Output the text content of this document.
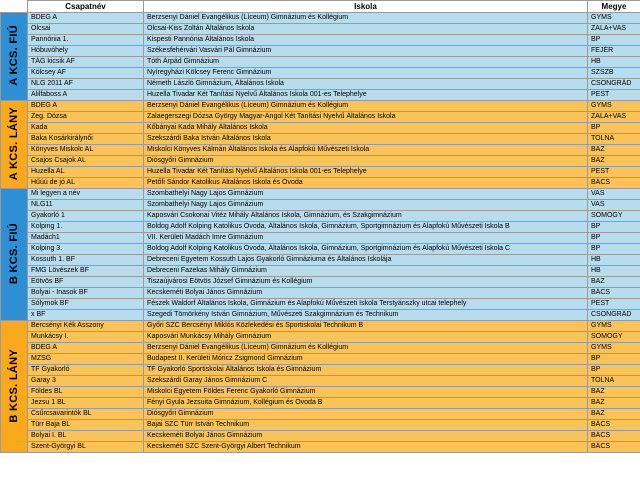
	Csapatnév	Iskola	Megye
A KCS. FIÚ	BDEG A	Berzsenyi Dániel Evangélikus (Líceum) Gimnázium és Kollégium	GYMS
	Olcsai	Olcsai-Kiss Zoltán Általános Iskola	ZALA+VAS
	Pannónia 1.	Kispesti Pannónia Általános Iskola	BP
	Hóbuvóhely	Székesfehérvári Vasvári Pál Gimnázium	FEJÉR
	TÁG kicsik AF	Tóth Árpád Gimnázium	HB
	Kölcsey AF	Nyíregyházi Kölcsey Ferenc Gimnázium	SZSZB
	NLG 2011 AF	Németh László Gimnázium, Általános Iskola	CSONGRÁD
	Alilfaboss A	Huzella Tivadar Két Tanítási Nyelvű Általános Iskola 001-es Telephelye	PEST
A KCS. LÁNY	BDEG A	Berzsenyi Dániel Evangélikus (Líceum) Gimnázium és Kollégium	GYMS
	Zeg. Dózsa	Zalaegerszegi Dózsa György Magyar-Angol Két Tanítási Nyelvű Általános Iskola	ZALA+VAS
	Kada	Kőbányai Kada Mihály Általános Iskola	BP
	Baka Kosárkirálynői	Szekszárdi Baka István Általános Iskola	TOLNA
	Könyves Miskolc AL	Miskolci Könyves Kálmán Általános Iskola és Alapfokú Művészeti Iskola	BAZ
	Csajos Csajok AL	Diósgyőri Gimnázium	BAZ
	Huzella AL	Huzella Tivadar Két Tanítási Nyelvű Általános Iskola 001-es Telephelye	PEST
	Hűúú de jó AL	Petőfi Sándor Katolikus Általános Iskola és Óvoda	BÁCS
B KCS. FIÚ	Mi legyen a név	Szombathelyi Nagy Lajos Gimnázium	VAS
	NLG11	Szombathelyi Nagy Lajos Gimnázium	VAS
	Gyakorló 1	Kaposvári Csokonai Vitéz Mihály Általános Iskola, Gimnázium, és Szakgimnázium	SOMOGY
	Kolping 1.	Boldog Adolf Kolping Katolikus Óvoda, Általános Iskola, Gimnázium, Sportgimnázium és Alapfokú Művészeti Iskola B	BP
	Madách1	VII. Kerületi Madách Imre Gimnázium	BP
	Kolping 3.	Boldog Adolf Kolping Katolikus Óvoda, Általános Iskola, Gimnázium, Sportgimnázium és Alapfokú Művészeti Iskola C	BP
	Kossuth 1. BF	Debreceni Egyetem Kossuth Lajos Gyakorló Gimnáziuma és Általános Iskolája	HB
	FMG Lövészek BF	Debreceni Fazekas Mihály Gimnázium	HB
	Eötvös BF	Tiszaújvárosi Eötvös József Gimnázium és Kollégium	BAZ
	Bolyai - Inasok BF	Kecskeméti Bolyai János Gimnázium	BÁCS
	Sólymok BF	Fészek Waldorf Általános Iskola, Gimnázium és Alapfokú Művészeti Iskola Terstyánszky utcai telephely	PEST
	x BF	Szegedi Tömörkény István Gimnázium, Művészeti Szakgimnázium és Technikum	CSONGRÁD
B KCS. LÁNY	Bercsényi Kék Asszony	Győri SZC Bercsényi Miklós Közlekedési és Sportiskolai Technikum B	GYMS
	Munkácsy I.	Kaposvári Munkácsy Mihály Gimnázium	SOMOGY
	BDEG A	Berzsenyi Dániel Evangélikus (Líceum) Gimnázium és Kollégium	GYMS
	MZSG	Budapest II. Kerületi Móricz Zsigmond Gimnázium	BP
	TF Gyakorló	TF Gyakorló Sportiskolai Általános Iskola és Gimnázium	BP
	Garay 3	Szekszárdi Garay János Gimnázium C	TOLNA
	Földes BL	Miskolci Egyetem Földes Ferenc Gyakorló Gimnázium	BAZ
	Jezsu 1 BL	Fényi Gyula Jezsuita Gimnázium, Kollégium és Óvoda B	BAZ
	Csűrcsavarintók BL	Diósgyőri Gimnázium	BAZ
	Türr Baja BL	Bajai SZC Türr István Technikum	BÁCS
	Bolyai I. BL	Kecskeméti Bolyai János Gimnázium	BÁCS
	Szent-Györgyi BL	Kecskeméti SZC Szent-Györgyi Albert Technikum	BÁCS
